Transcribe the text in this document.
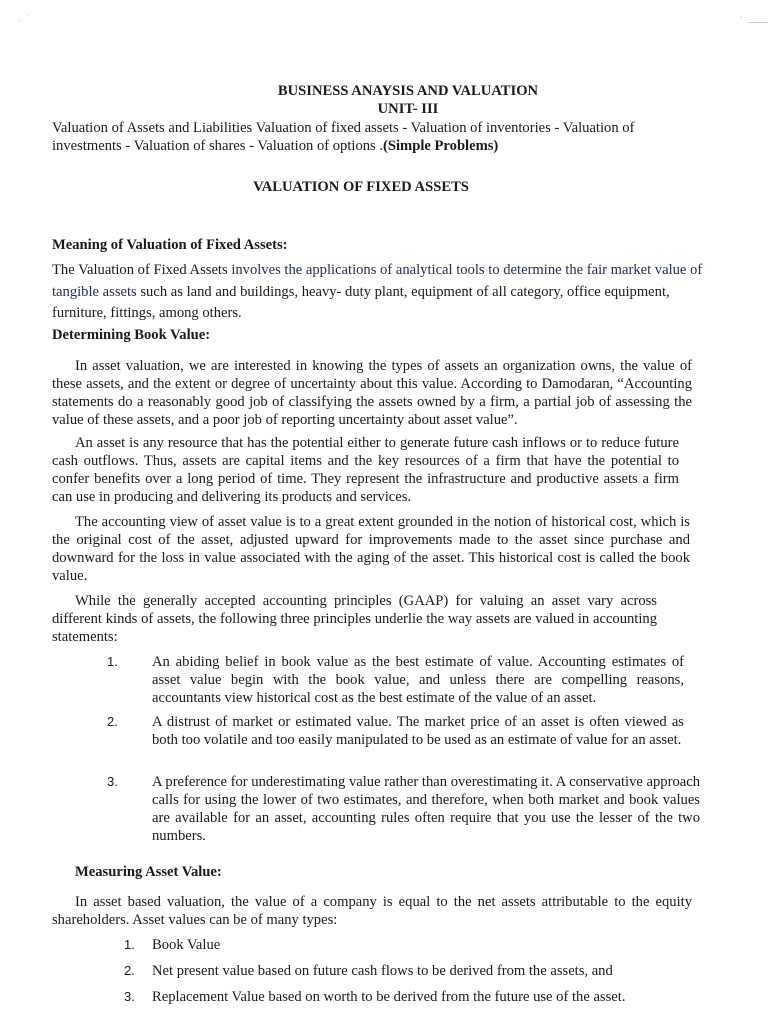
· ˙	·
BUSINESS ANAYSIS AND VALUATION
UNIT- III

Valuation of Assets and Liabilities Valuation of fixed assets - Valuation of inventories - Valuation of investments - Valuation of shares - Valuation of options .(Simple Problems)

VALUATION OF FIXED ASSETS

Meaning of Valuation of Fixed Assets:

The Valuation of Fixed Assets involves the applications of analytical tools to determine the fair market value of tangible assets such as land and buildings, heavy- duty plant, equipment of all category, office equipment, furniture, fittings, among others.

Determining Book Value:

In asset valuation, we are interested in knowing the types of assets an organization owns, the value of these assets, and the extent or degree of uncertainty about this value. According to Damodaran, “Accounting statements do a reasonably good job of classifying the assets owned by a firm, a partial job of assessing the value of these assets, and a poor job of reporting uncertainty about asset value”.

An asset is any resource that has the potential either to generate future cash inflows or to reduce future cash outflows. Thus, assets are capital items and the key resources of a firm that have the potential to confer benefits over a long period of time. They represent the infrastructure and productive assets a firm can use in producing and delivering its products and services.

The accounting view of asset value is to a great extent grounded in the notion of historical cost, which is the original cost of the asset, adjusted upward for improvements made to the asset since purchase and downward for the loss in value associated with the aging of the asset. This historical cost is called the book value.

While the generally accepted accounting principles (GAAP) for valuing an asset vary across different kinds of assets, the following three principles underlie the way assets are valued in accounting statements:

1. An abiding belief in book value as the best estimate of value. Accounting estimates of asset value begin with the book value, and unless there are compelling reasons, accountants view historical cost as the best estimate of the value of an asset.

2. A distrust of market or estimated value. The market price of an asset is often viewed as both too volatile and too easily manipulated to be used as an estimate of value for an asset.

3. A preference for underestimating value rather than overestimating it. A conservative approach calls for using the lower of two estimates, and therefore, when both market and book values are available for an asset, accounting rules often require that you use the lesser of the two numbers.

Measuring Asset Value:

In asset based valuation, the value of a company is equal to the net assets attributable to the equity shareholders. Asset values can be of many types:

1. Book Value
2. Net present value based on future cash flows to be derived from the assets, and
3. Replacement Value based on worth to be derived from the future use of the asset.
